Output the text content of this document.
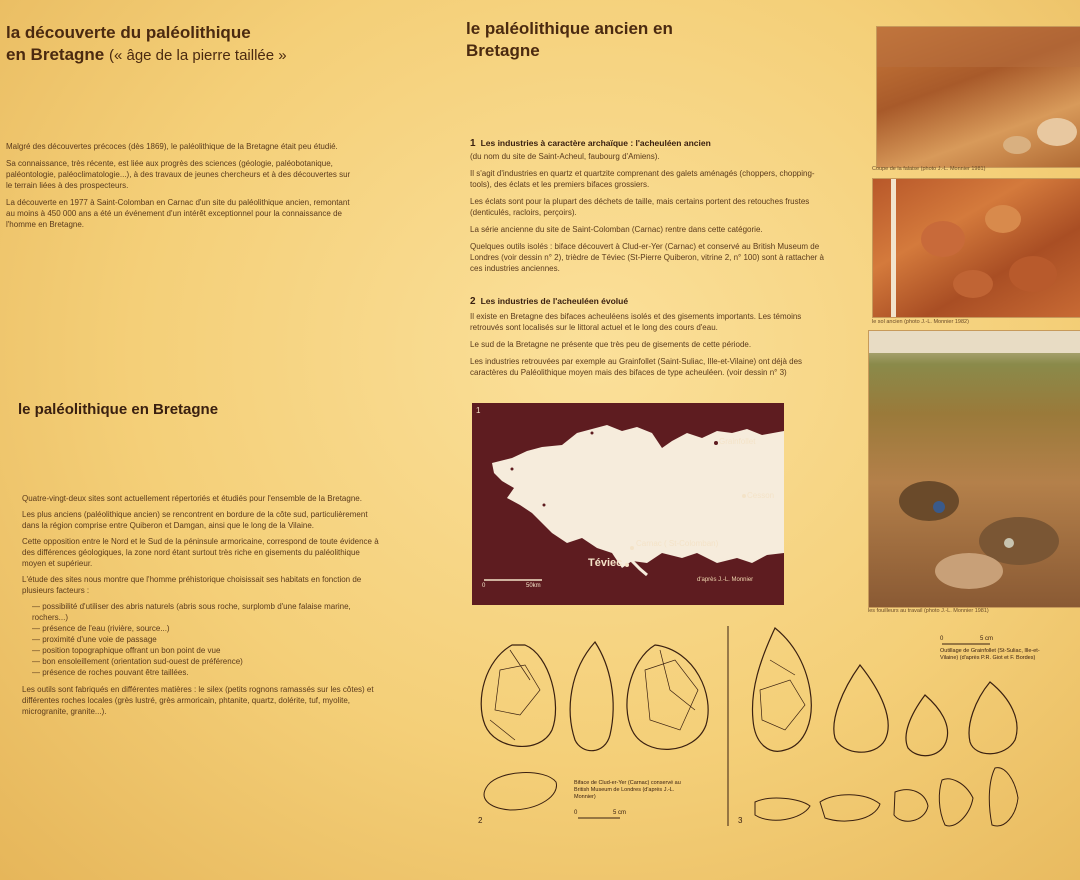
la découverte du paléolithique
en Bretagne (« âge de la pierre taillée »
le paléolithique ancien en Bretagne
le paléolithique en Bretagne

Malgré des découvertes précoces (dès 1869), le paléolithique de la Bretagne était peu étudié.

Sa connaissance, très récente, est liée aux progrès des sciences (géologie, paléobotanique, paléontologie, paléoclimatologie...), à des travaux de jeunes chercheurs et à des découvertes sur le terrain liées à des prospecteurs.

La découverte en 1977 à Saint-Colomban en Carnac d'un site du paléolithique ancien, remontant au moins à 450 000 ans a été un événement d'un intérêt exceptionnel pour la connaissance de l'homme en Bretagne.

Quatre-vingt-deux sites sont actuellement répertoriés et étudiés pour l'ensemble de la Bretagne.

Les plus anciens (paléolithique ancien) se rencontrent en bordure de la côte sud, particulièrement dans la région comprise entre Quiberon et Damgan, ainsi que le long de la Vilaine.

Cette opposition entre le Nord et le Sud de la péninsule armoricaine, correspond de toute évidence à des différences géologiques, la zone nord étant surtout très riche en gisements du paléolithique moyen et supérieur.

L'étude des sites nous montre que l'homme préhistorique choisissait ses habitats en fonction de plusieurs facteurs :

— possibilité d'utiliser des abris naturels (abris sous roche, surplomb d'une falaise marine, rochers...)
— présence de l'eau (rivière, source...)
— proximité d'une voie de passage
— position topographique offrant un bon point de vue
— bon ensoleillement (orientation sud-ouest de préférence)
— présence de roches pouvant être taillées.

Les outils sont fabriqués en différentes matières : le silex (petits rognons ramassés sur les côtes) et différentes roches locales (grès lustré, grès armoricain, phtanite, quartz, dolérite, tuf, myolite, microgranite, granite...).

1 Les industries à caractère archaïque : l'acheuléen ancien

(du nom du site de Saint-Acheul, faubourg d'Amiens).

Il s'agit d'industries en quartz et quartzite comprenant des galets aménagés (choppers, chopping-tools), des éclats et les premiers bifaces grossiers.

Les éclats sont pour la plupart des déchets de taille, mais certains portent des retouches frustes (denticulés, racloirs, perçoirs).

La série ancienne du site de Saint-Colomban (Carnac) rentre dans cette catégorie.

Quelques outils isolés : biface découvert à Clud-er-Yer (Carnac) et conservé au British Museum de Londres (voir dessin n° 2), trièdre de Téviec (St-Pierre Quiberon, vitrine 2, n° 100) sont à rattacher à ces industries anciennes.

2 Les industries de l'acheuléen évolué

Il existe en Bretagne des bifaces acheuléens isolés et des gisements importants. Les témoins retrouvés sont localisés sur le littoral actuel et le long des cours d'eau.

Le sud de la Bretagne ne présente que très peu de gisements de cette période.

Les industries retrouvées par exemple au Grainfollet (Saint-Suliac, Ille-et-Vilaine) ont déjà des caractères du Paléolithique moyen mais des bifaces de type acheuléen. (voir dessin n° 3)

1
Grainfollet
Cesson
Carnac ( St-Colomban)
Téviec
0	50km
d'après J.-L. Monnier
Coupe de la falaise (photo J.-L. Monnier 1981)
le sol ancien (photo J.-L. Monnier 1982)
les fouilleurs au travail (photo J.-L. Monnier 1981)
2
Biface de Clud-er-Yer (Carnac) conservé au British Museum de Londres (d'après J.-L. Monnier)
0	5 cm
3
0	5 cm
Outillage de Grainfollet (St-Suliac, Ille-et-Vilaine) (d'après P.R. Giot et F. Bordes)
